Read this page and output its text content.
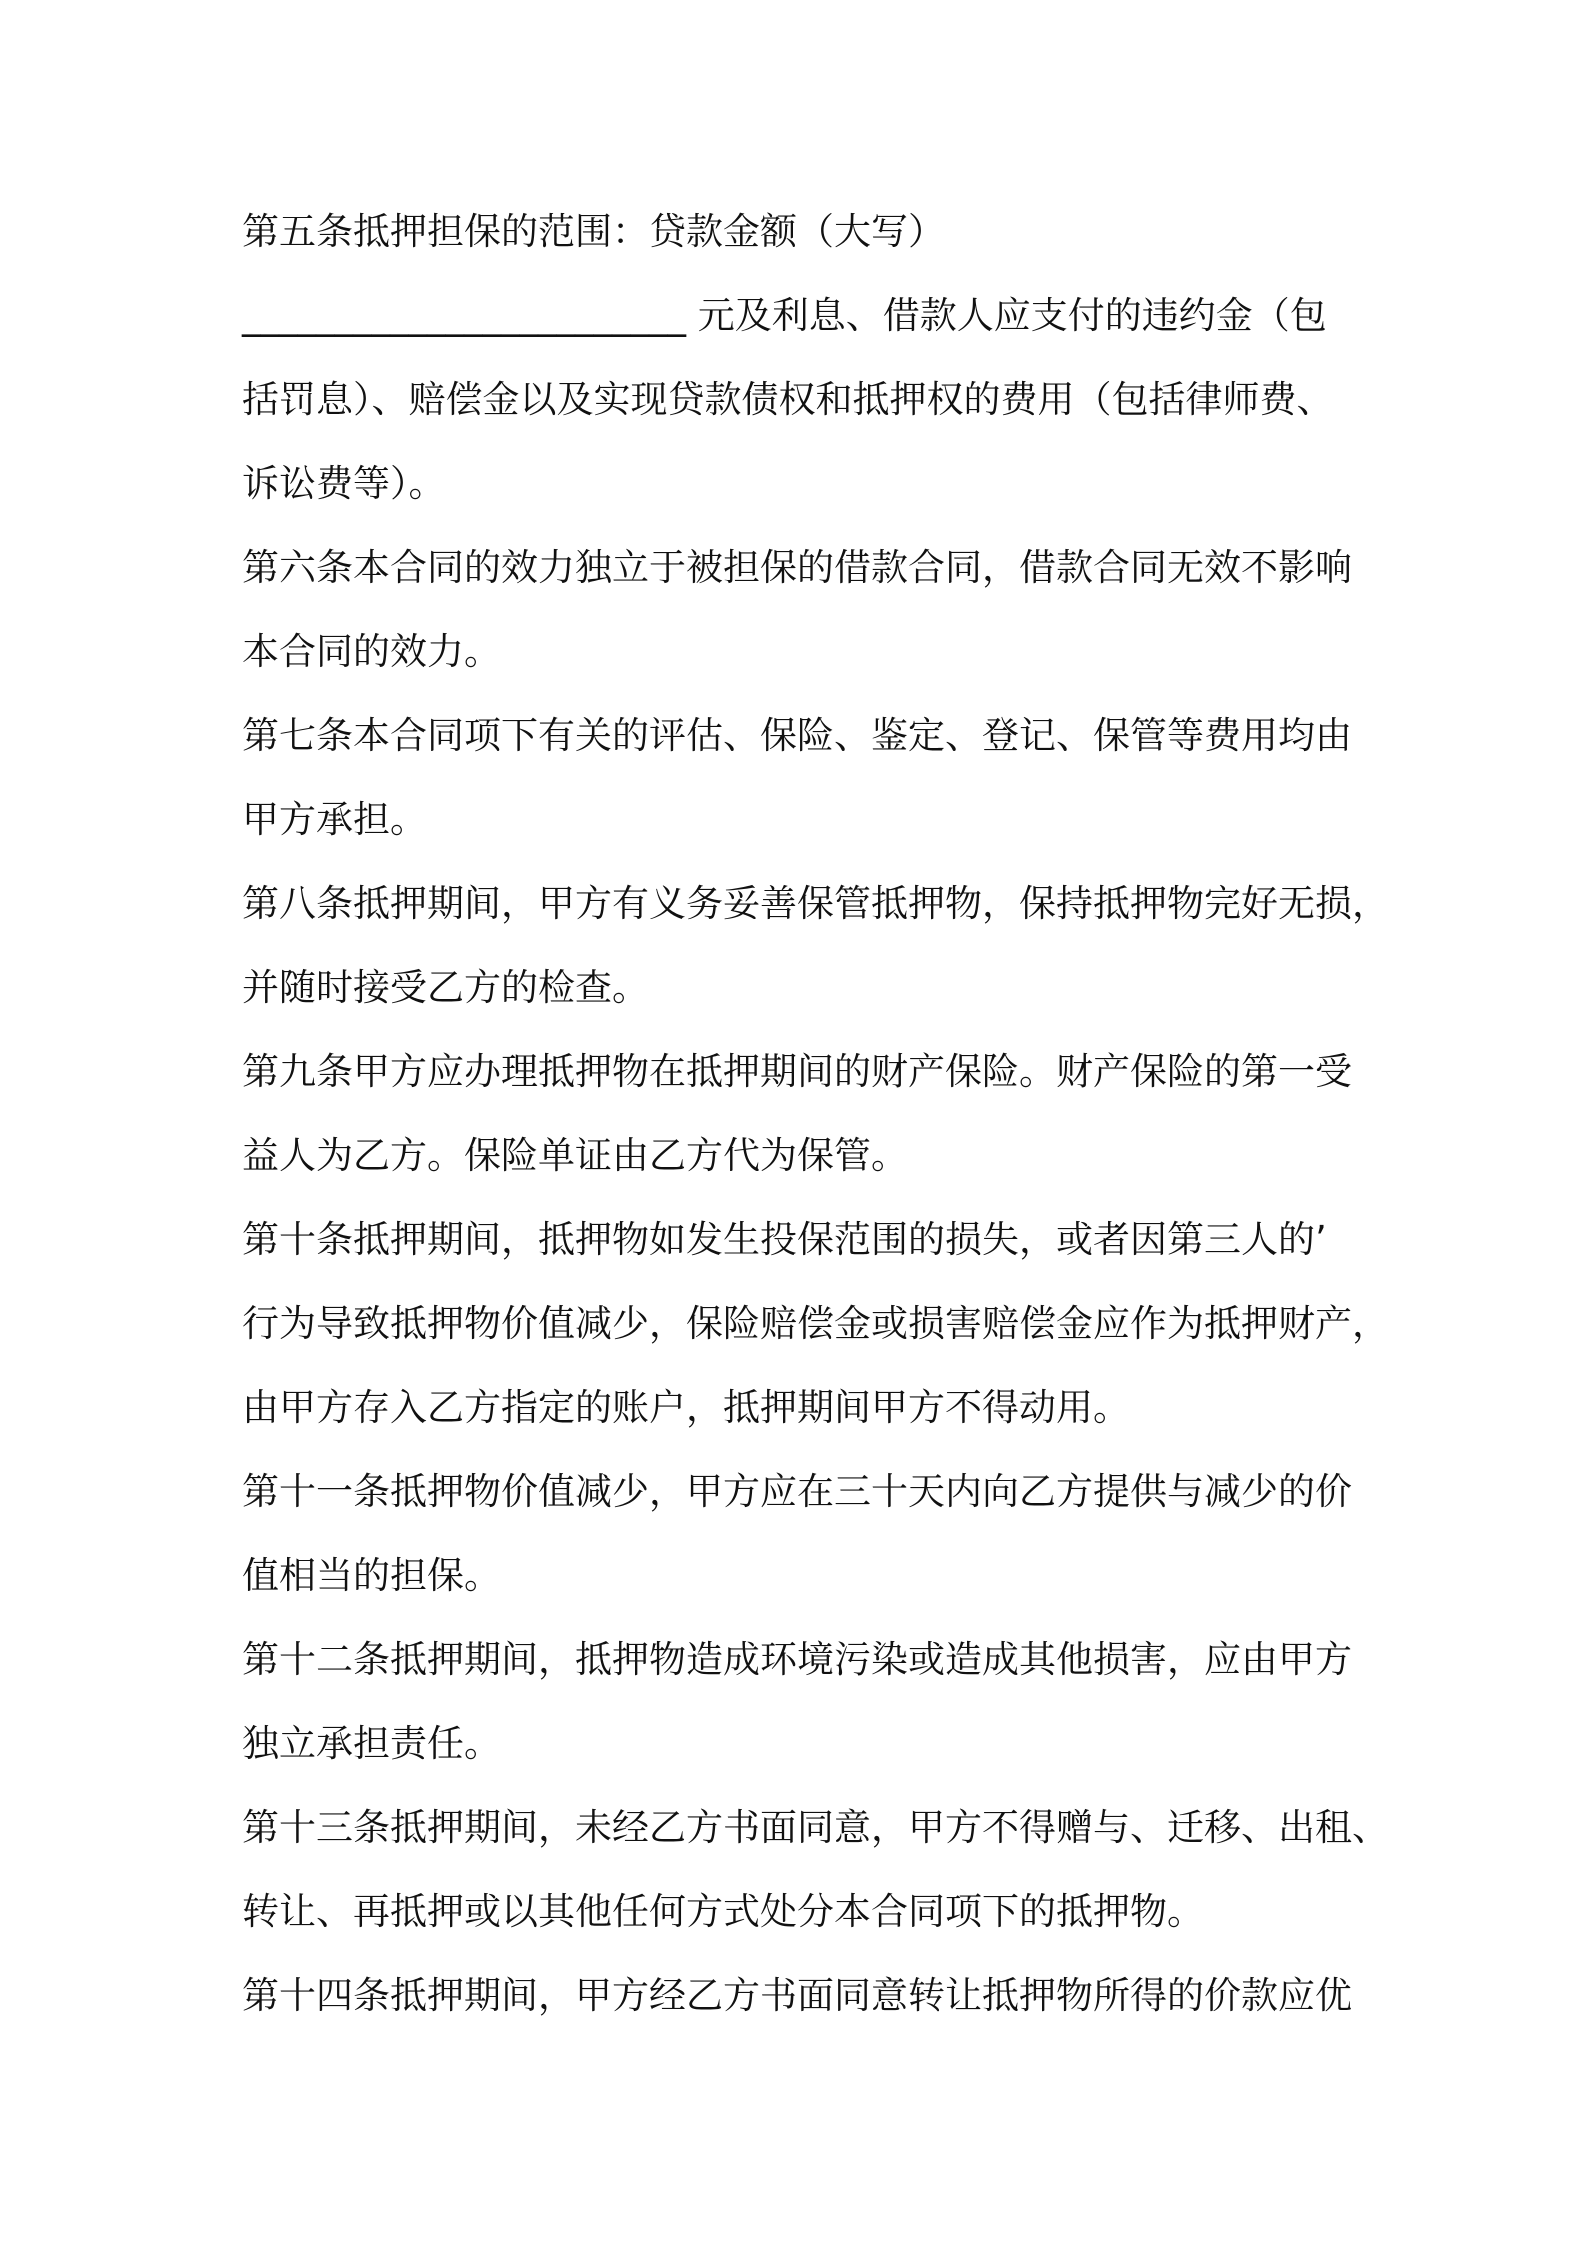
第五条抵押担保的范围：贷款金额（大写）
________________________ 元及利息、借款人应支付的违约金（包
括罚息）、赔偿金以及实现贷款债权和抵押权的费用（包括律师费、
诉讼费等）。
第六条本合同的效力独立于被担保的借款合同，借款合同无效不影响
本合同的效力。
第七条本合同项下有关的评估、保险、鉴定、登记、保管等费用均由
甲方承担。
第八条抵押期间，甲方有义务妥善保管抵押物，保持抵押物完好无损，
并随时接受乙方的检查。
第九条甲方应办理抵押物在抵押期间的财产保险。财产保险的第一受
益人为乙方。保险单证由乙方代为保管。
第十条抵押期间，抵押物如发生投保范围的损失，或者因第三人的’
行为导致抵押物价值减少，保险赔偿金或损害赔偿金应作为抵押财产，
由甲方存入乙方指定的账户，抵押期间甲方不得动用。
第十一条抵押物价值减少，甲方应在三十天内向乙方提供与减少的价
值相当的担保。
第十二条抵押期间，抵押物造成环境污染或造成其他损害，应由甲方
独立承担责任。
第十三条抵押期间，未经乙方书面同意，甲方不得赠与、迁移、出租、
转让、再抵押或以其他任何方式处分本合同项下的抵押物。
第十四条抵押期间，甲方经乙方书面同意转让抵押物所得的价款应优
